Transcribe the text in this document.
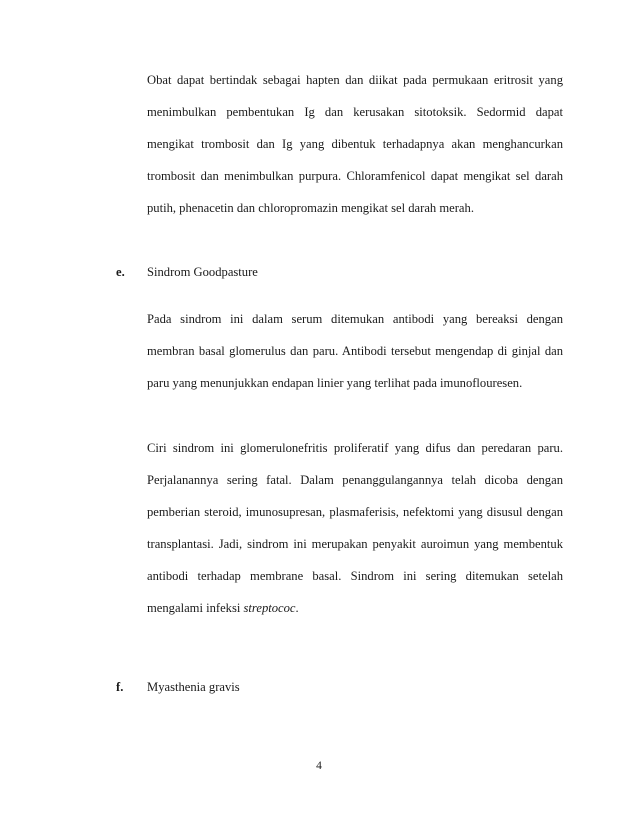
Obat dapat bertindak sebagai hapten dan diikat pada permukaan eritrosit yang menimbulkan pembentukan Ig dan kerusakan sitotoksik. Sedormid dapat mengikat trombosit dan Ig yang dibentuk terhadapnya akan menghancurkan trombosit dan menimbulkan purpura. Chloramfenicol dapat mengikat sel darah putih, phenacetin dan chloropromazin mengikat sel darah merah.

e. Sindrom Goodpasture

Pada sindrom ini dalam serum ditemukan antibodi yang bereaksi dengan membran basal glomerulus dan paru. Antibodi tersebut mengendap di ginjal dan paru yang menunjukkan endapan linier yang terlihat pada imunoflouresen.

Ciri sindrom ini glomerulonefritis proliferatif yang difus dan peredaran paru. Perjalanannya sering fatal. Dalam penanggulangannya telah dicoba dengan pemberian steroid, imunosupresan, plasmaferisis, nefektomi yang disusul dengan transplantasi. Jadi, sindrom ini merupakan penyakit auroimun yang membentuk antibodi terhadap membrane basal. Sindrom ini sering ditemukan setelah mengalami infeksi streptococ.

f. Myasthenia gravis
4
